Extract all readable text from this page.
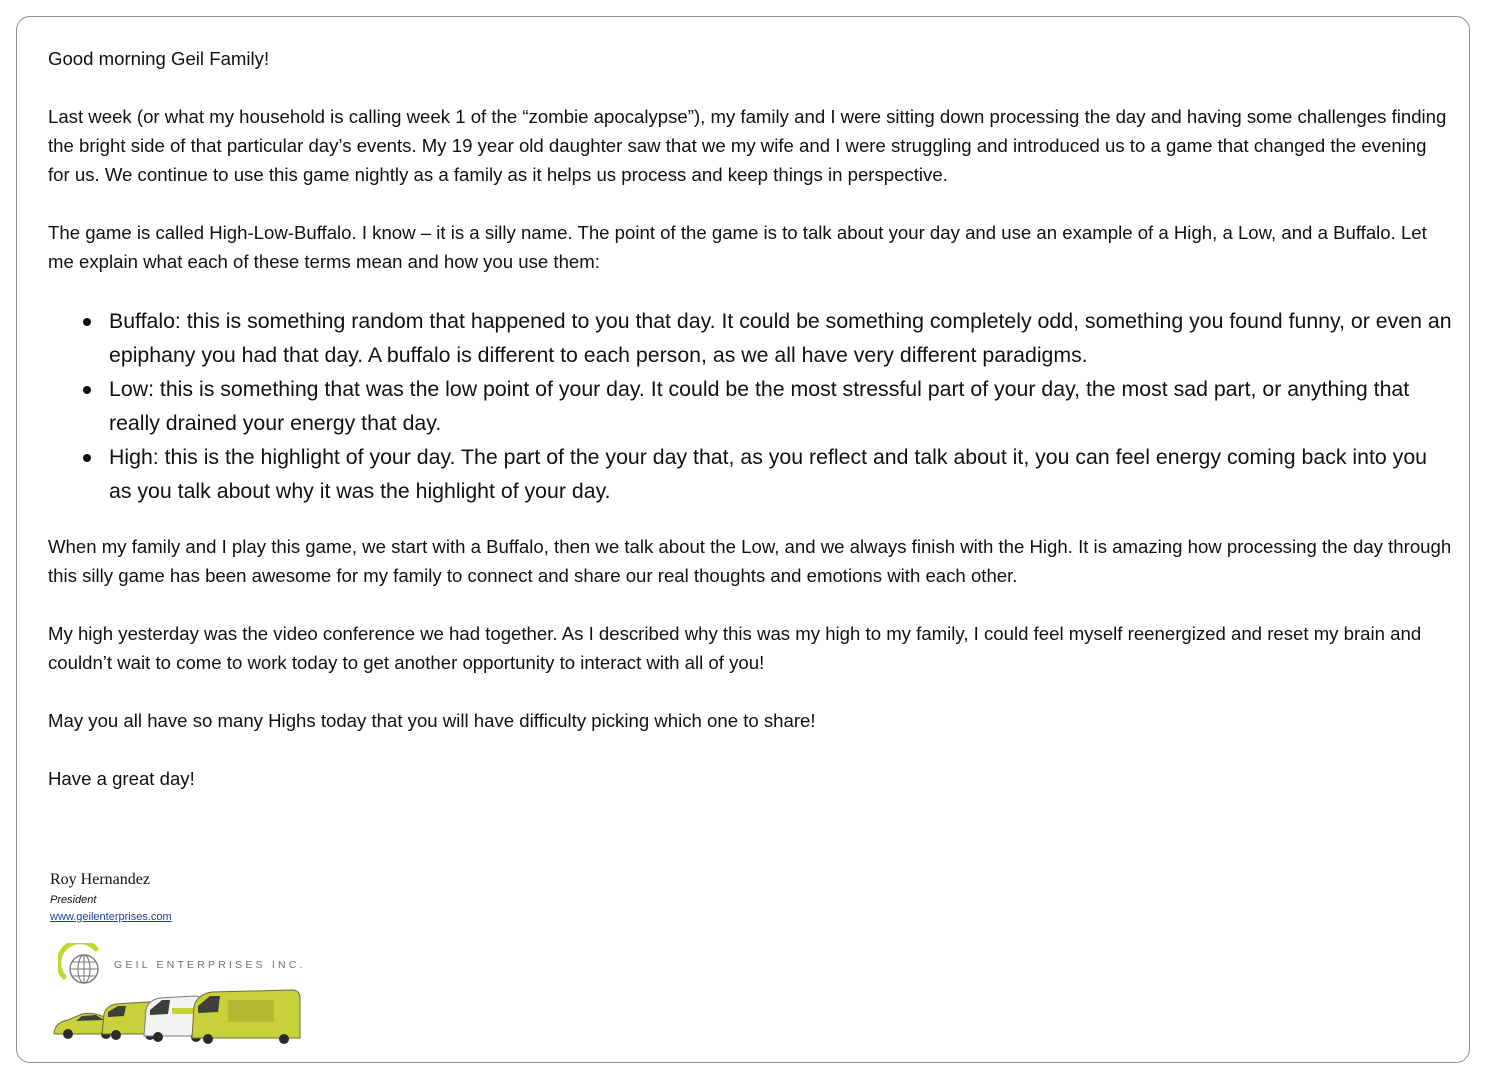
Good morning Geil Family!

Last week (or what my household is calling week 1 of the “zombie apocalypse”), my family and I were sitting down processing the day and having some challenges finding the bright side of that particular day’s events. My 19 year old daughter saw that we my wife and I were struggling and introduced us to a game that changed the evening for us. We continue to use this game nightly as a family as it helps us process and keep things in perspective.

The game is called High-Low-Buffalo. I know – it is a silly name. The point of the game is to talk about your day and use an example of a High, a Low, and a Buffalo. Let me explain what each of these terms mean and how you use them:

Buffalo: this is something random that happened to you that day. It could be something completely odd, something you found funny, or even an epiphany you had that day. A buffalo is different to each person, as we all have very different paradigms.
Low: this is something that was the low point of your day. It could be the most stressful part of your day, the most sad part, or anything that really drained your energy that day.
High: this is the highlight of your day. The part of the your day that, as you reflect and talk about it, you can feel energy coming back into you as you talk about why it was the highlight of your day.

When my family and I play this game, we start with a Buffalo, then we talk about the Low, and we always finish with the High. It is amazing how processing the day through this silly game has been awesome for my family to connect and share our real thoughts and emotions with each other.

My high yesterday was the video conference we had together. As I described why this was my high to my family, I could feel myself reenergized and reset my brain and couldn’t wait to come to work today to get another opportunity to interact with all of you!

May you all have so many Highs today that you will have difficulty picking which one to share!

Have a great day!

Roy Hernandez
President
www.geilenterprises.com
GEIL ENTERPRISES INC.
